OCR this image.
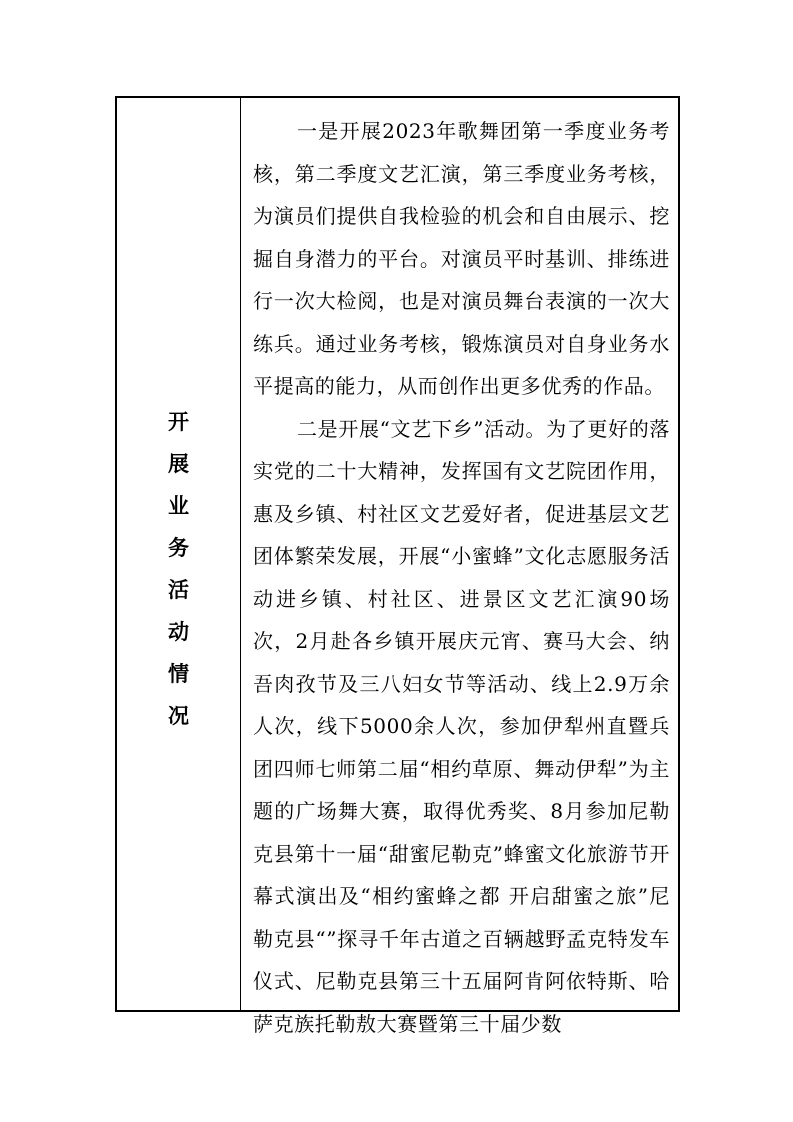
开
展
业
务
活
动
情
况

一是开展2023年歌舞团第一季度业务考核，第二季度文艺汇演，第三季度业务考核，为演员们提供自我检验的机会和自由展示、挖掘自身潜力的平台。对演员平时基训、排练进行一次大检阅，也是对演员舞台表演的一次大练兵。通过业务考核，锻炼演员对自身业务水平提高的能力，从而创作出更多优秀的作品。

二是开展“文艺下乡”活动。为了更好的落实党的二十大精神，发挥国有文艺院团作用，惠及乡镇、村社区文艺爱好者，促进基层文艺团体繁荣发展，开展“小蜜蜂”文化志愿服务活动进乡镇、村社区、进景区文艺汇演90场次，2月赴各乡镇开展庆元宵、赛马大会、纳吾肉孜节及三八妇女节等活动、线上2.9万余人次，线下5000余人次，参加伊犁州直暨兵团四师七师第二届“相约草原、舞动伊犁”为主题的广场舞大赛，取得优秀奖、8月参加尼勒克县第十一届“甜蜜尼勒克”蜂蜜文化旅游节开幕式演出及“相约蜜蜂之都 开启甜蜜之旅”尼勒克县“”探寻千年古道之百辆越野孟克特发车仪式、尼勒克县第三十五届阿肯阿依特斯、哈萨克族托勒敖大赛暨第三十届少数
